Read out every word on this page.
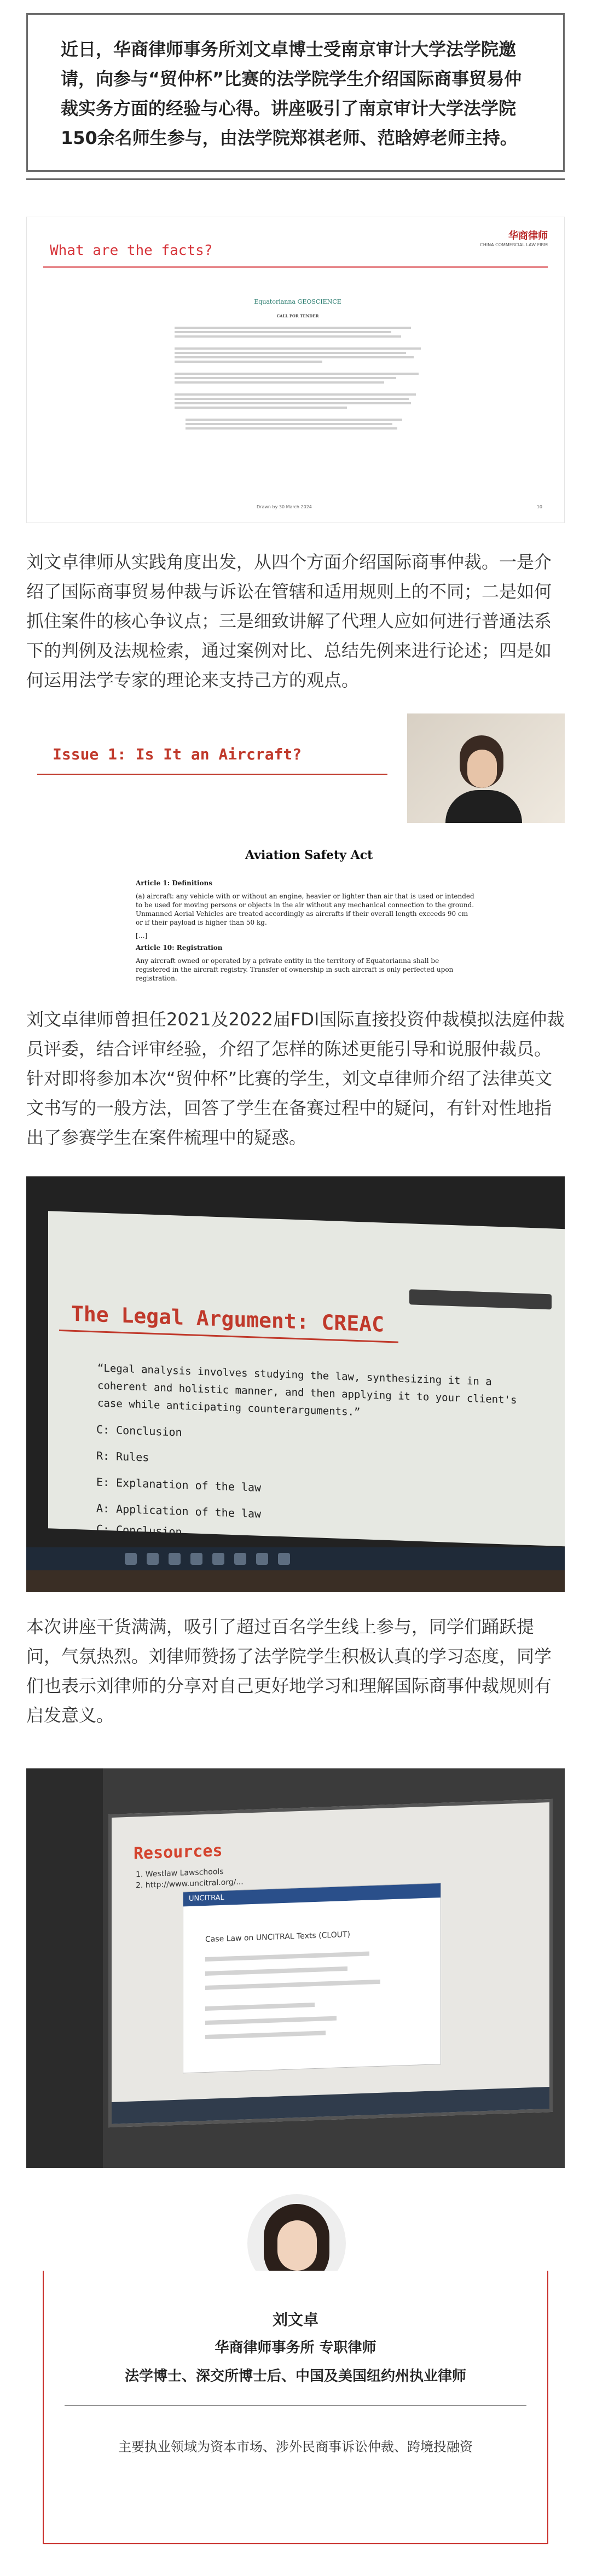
近日，华商律师事务所刘文卓博士受南京审计大学法学院邀请，向参与“贸仲杯”比赛的法学院学生介绍国际商事贸易仲裁实务方面的经验与心得。讲座吸引了南京审计大学法学院150余名师生参与，由法学院郑祺老师、范晗婷老师主持。
What are the facts?
华商律师
CHINA COMMERCIAL LAW FIRM
Equatorianna GEOSCIENCE
CALL FOR TENDER
Drawn by 30 March 2024	10
刘文卓律师从实践角度出发，从四个方面介绍国际商事仲裁。一是介绍了国际商事贸易仲裁与诉讼在管辖和适用规则上的不同；二是如何抓住案件的核心争议点；三是细致讲解了代理人应如何进行普通法系下的判例及法规检索，通过案例对比、总结先例来进行论述；四是如何运用法学专家的理论来支持己方的观点。
Issue 1: Is It an Aircraft?
Aviation Safety Act
Article 1: Definitions
(a) aircraft: any vehicle with or without an engine, heavier or lighter than air that is used or intended to be used for moving persons or objects in the air without any mechanical connection to the ground. Unmanned Aerial Vehicles are treated accordingly as aircrafts if their overall length exceeds 90 cm or if their payload is higher than 50 kg.
[…]
Article 10: Registration
Any aircraft owned or operated by a private entity in the territory of Equatorianna shall be registered in the aircraft registry. Transfer of ownership in such aircraft is only perfected upon registration.
刘文卓律师曾担任2021及2022届FDI国际直接投资仲裁模拟法庭仲裁员评委，结合评审经验，介绍了怎样的陈述更能引导和说服仲裁员。针对即将参加本次“贸仲杯”比赛的学生，刘文卓律师介绍了法律英文文书写的一般方法，回答了学生在备赛过程中的疑问，有针对性地指出了参赛学生在案件梳理中的疑惑。
The Legal Argument: CREAC
“Legal analysis involves studying the law, synthesizing it in a coherent and holistic manner, and then applying it to your client's case while anticipating counterarguments.”
C: Conclusion
R: Rules
E: Explanation of the law
A: Application of the law
C: Conclusion
本次讲座干货满满，吸引了超过百名学生线上参与，同学们踊跃提问，气氛热烈。刘律师赞扬了法学院学生积极认真的学习态度，同学们也表示刘律师的分享对自己更好地学习和理解国际商事仲裁规则有启发意义。
Resources
1. Westlaw Lawschools
2. http://www.uncitral.org/...
UNCITRAL
Case Law on UNCITRAL Texts (CLOUT)
刘文卓
华商律师事务所 专职律师
法学博士、深交所博士后、中国及美国纽约州执业律师
主要执业领域为资本市场、涉外民商事诉讼仲裁、跨境投融资
